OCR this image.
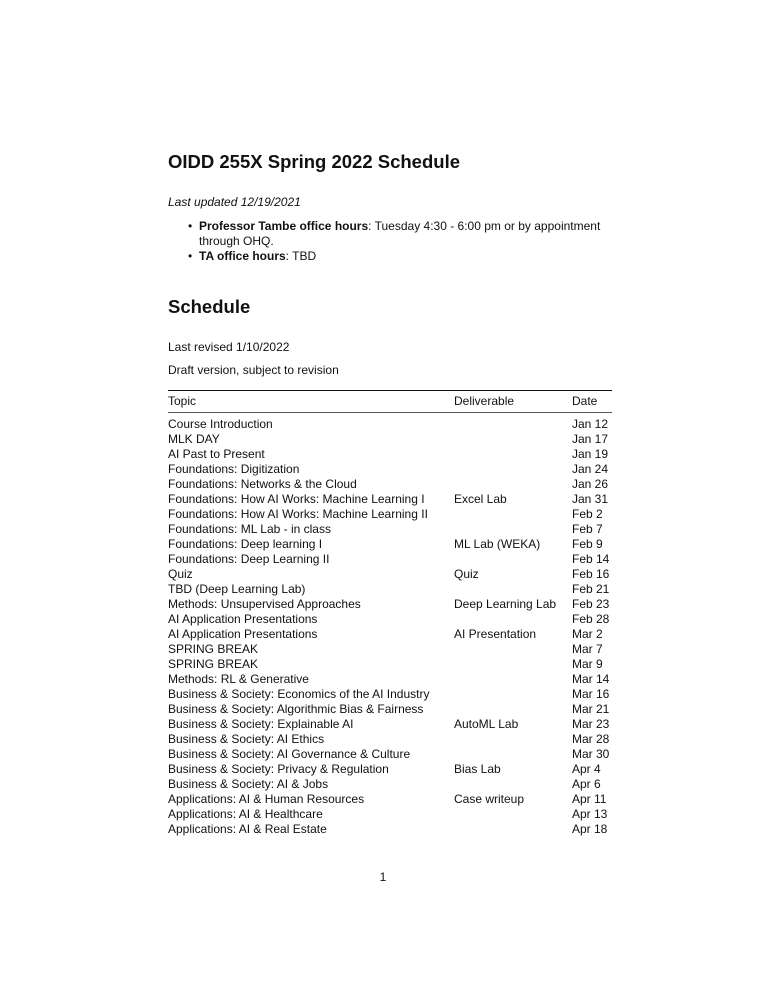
OIDD 255X Spring 2022 Schedule
Last updated 12/19/2021
• Professor Tambe office hours: Tuesday 4:30 - 6:00 pm or by appointment through OHQ.
• TA office hours: TBD
Schedule
Last revised 1/10/2022
Draft version, subject to revision
Topic	Deliverable	Date
Course Introduction		Jan 12
MLK DAY		Jan 17
AI Past to Present		Jan 19
Foundations: Digitization		Jan 24
Foundations: Networks & the Cloud		Jan 26
Foundations: How AI Works: Machine Learning I	Excel Lab	Jan 31
Foundations: How AI Works: Machine Learning II		Feb 2
Foundations: ML Lab - in class		Feb 7
Foundations: Deep learning I	ML Lab (WEKA)	Feb 9
Foundations: Deep Learning II		Feb 14
Quiz	Quiz	Feb 16
TBD (Deep Learning Lab)		Feb 21
Methods: Unsupervised Approaches	Deep Learning Lab	Feb 23
AI Application Presentations		Feb 28
AI Application Presentations	AI Presentation	Mar 2
SPRING BREAK		Mar 7
SPRING BREAK		Mar 9
Methods: RL & Generative		Mar 14
Business & Society: Economics of the AI Industry		Mar 16
Business & Society: Algorithmic Bias & Fairness		Mar 21
Business & Society: Explainable AI	AutoML Lab	Mar 23
Business & Society: AI Ethics		Mar 28
Business & Society: AI Governance & Culture		Mar 30
Business & Society: Privacy & Regulation	Bias Lab	Apr 4
Business & Society: AI & Jobs		Apr 6
Applications: AI & Human Resources	Case writeup	Apr 11
Applications: AI & Healthcare		Apr 13
Applications: AI & Real Estate		Apr 18
1
